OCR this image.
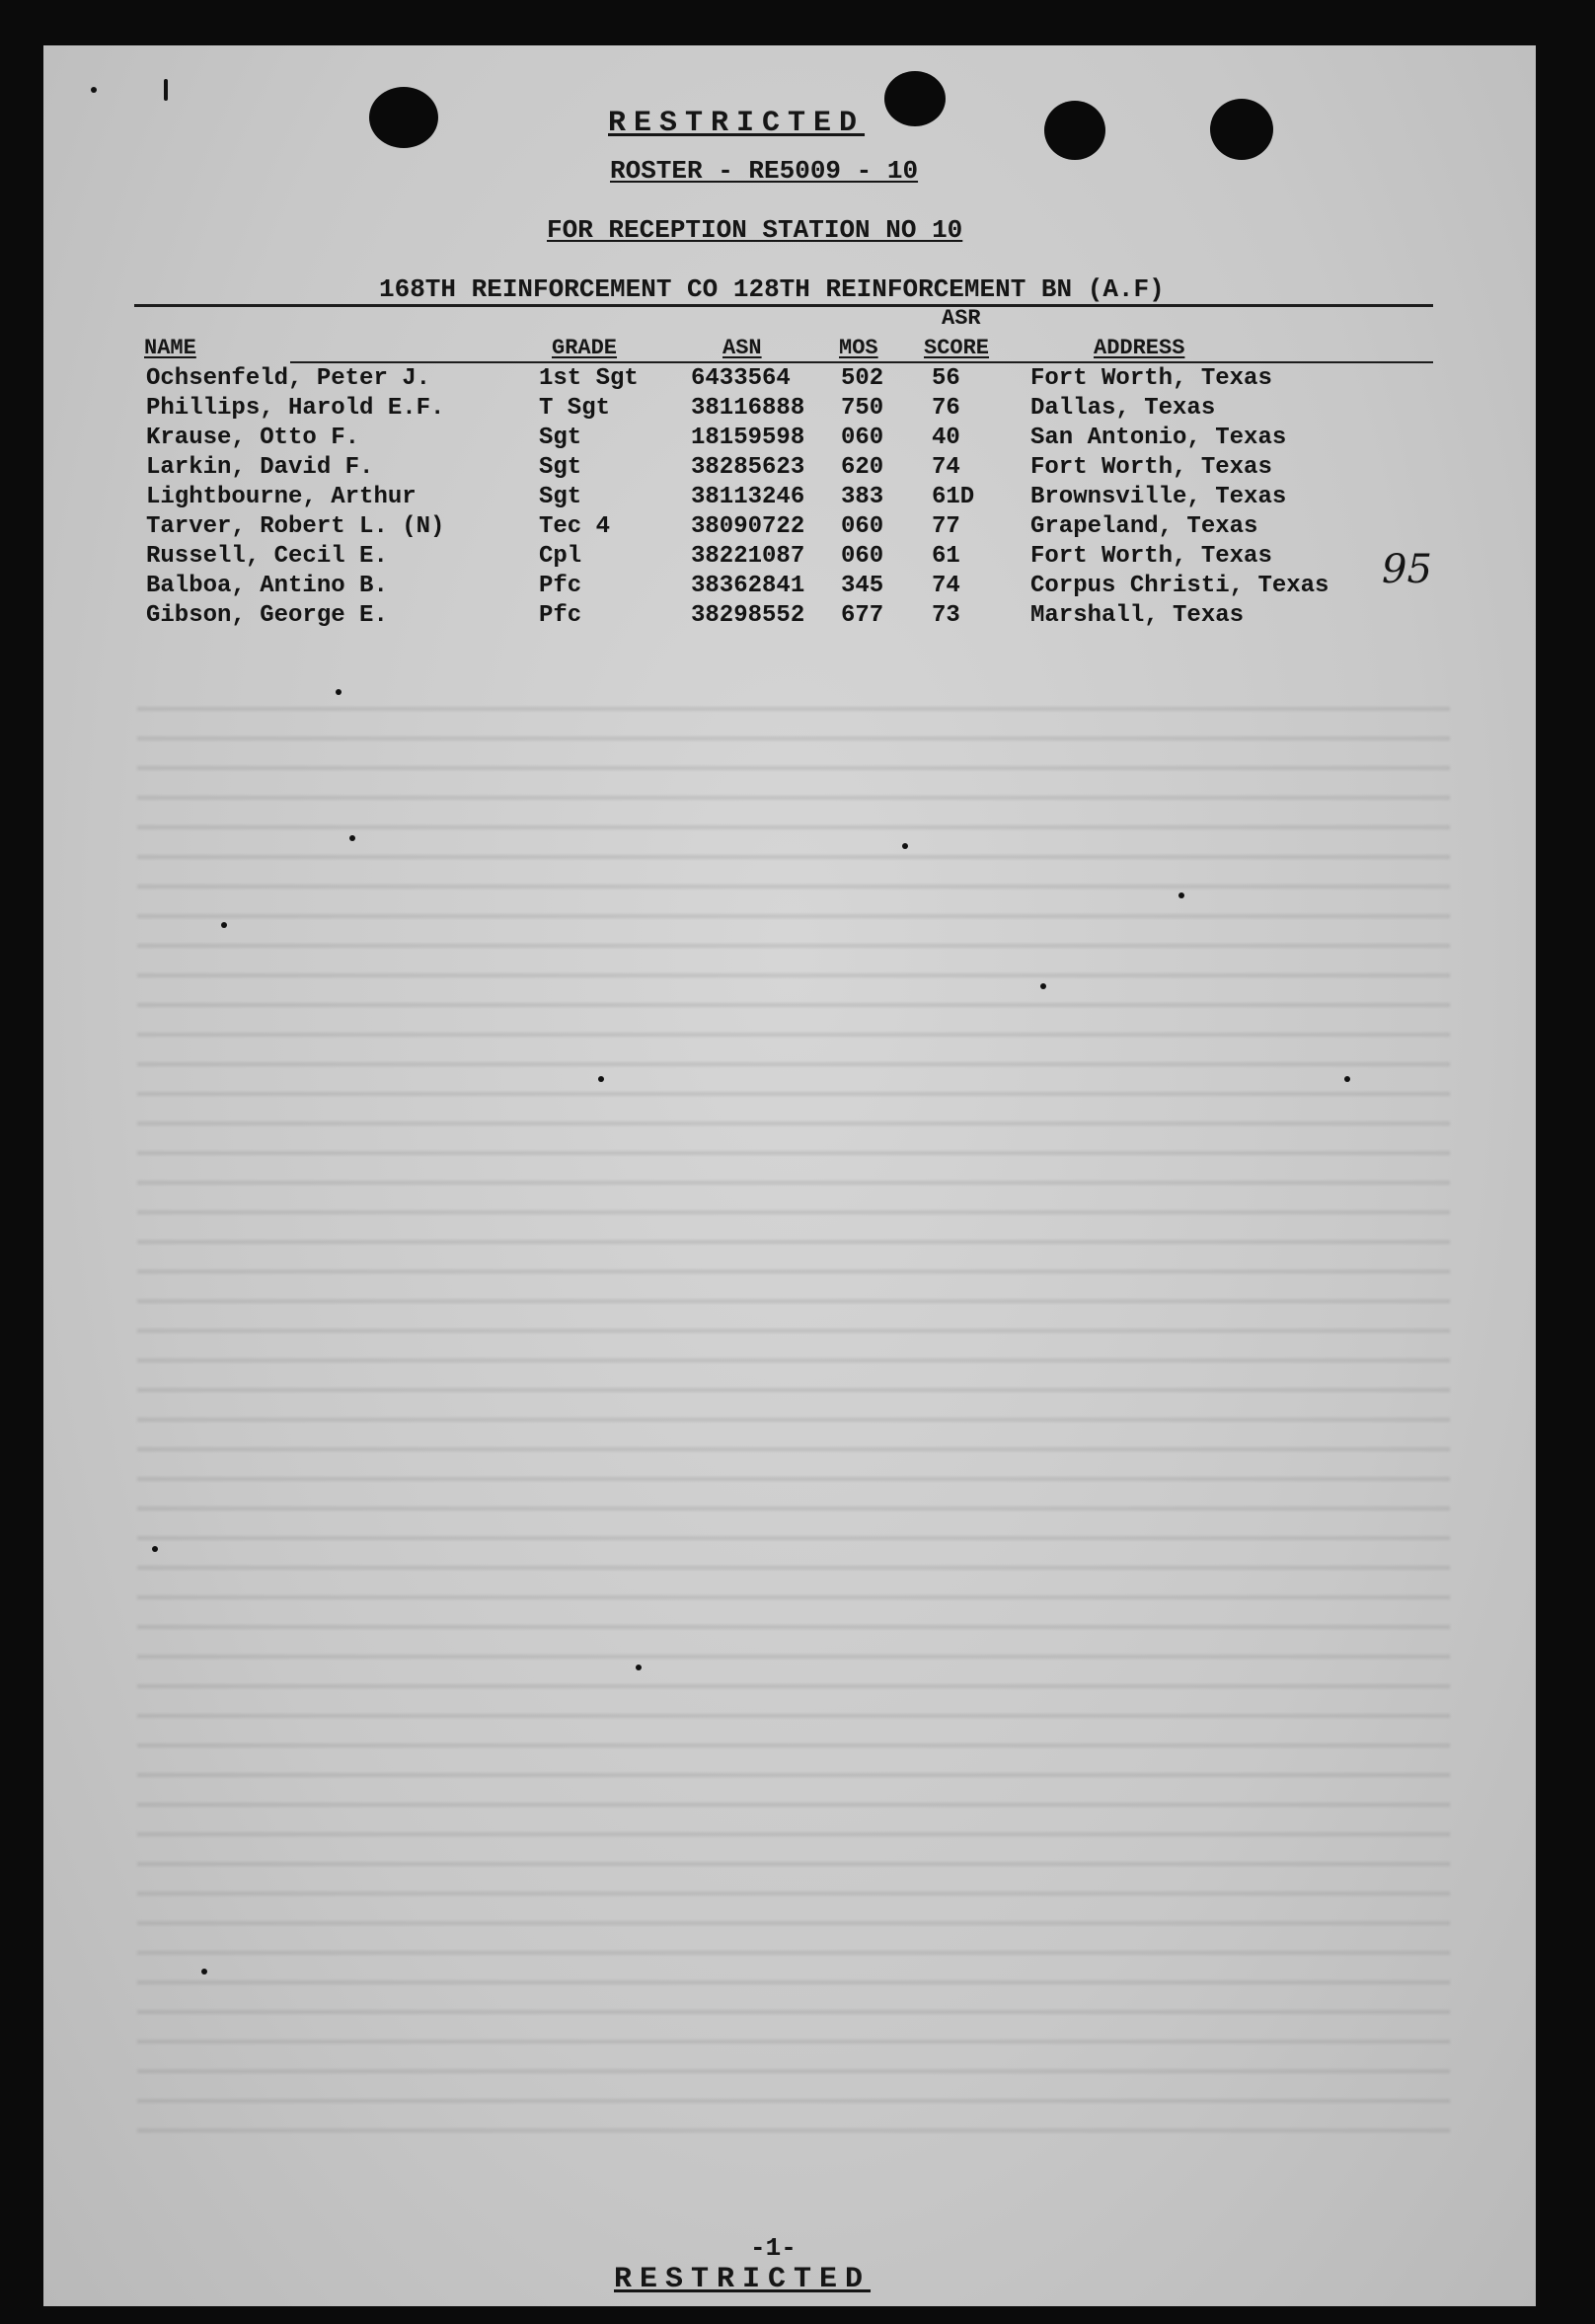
RESTRICTED
ROSTER - RE5009 - 10
FOR RECEPTION STATION NO 10
168TH REINFORCEMENT CO 128TH REINFORCEMENT BN (A.F)
ASR
NAME	GRADE	ASN	MOS SCORE	ADDRESS
Ochsenfeld, Peter J.	1st Sgt 6433564 502 56	Fort Worth, Texas
Phillips, Harold E.F.	T Sgt	38116888 750 76	Dallas, Texas
Krause, Otto F.	Sgt	18159598 060 40	San Antonio, Texas
Larkin, David F.	Sgt	38285623 620 74	Fort Worth, Texas
Lightbourne, Arthur	Sgt	38113246 383 61D Brownsville, Texas
Tarver, Robert L. (N)	Tec 4	38090722 060 77	Grapeland, Texas
Russell, Cecil E.	Cpl	38221087 060 61	Fort Worth, Texas
Balboa, Antino B.	Pfc	38362841 345 74	Corpus Christi, Texas
Gibson, George E.	Pfc	38298552 677 73	Marshall, Texas
95
-1-
RESTRICTED
